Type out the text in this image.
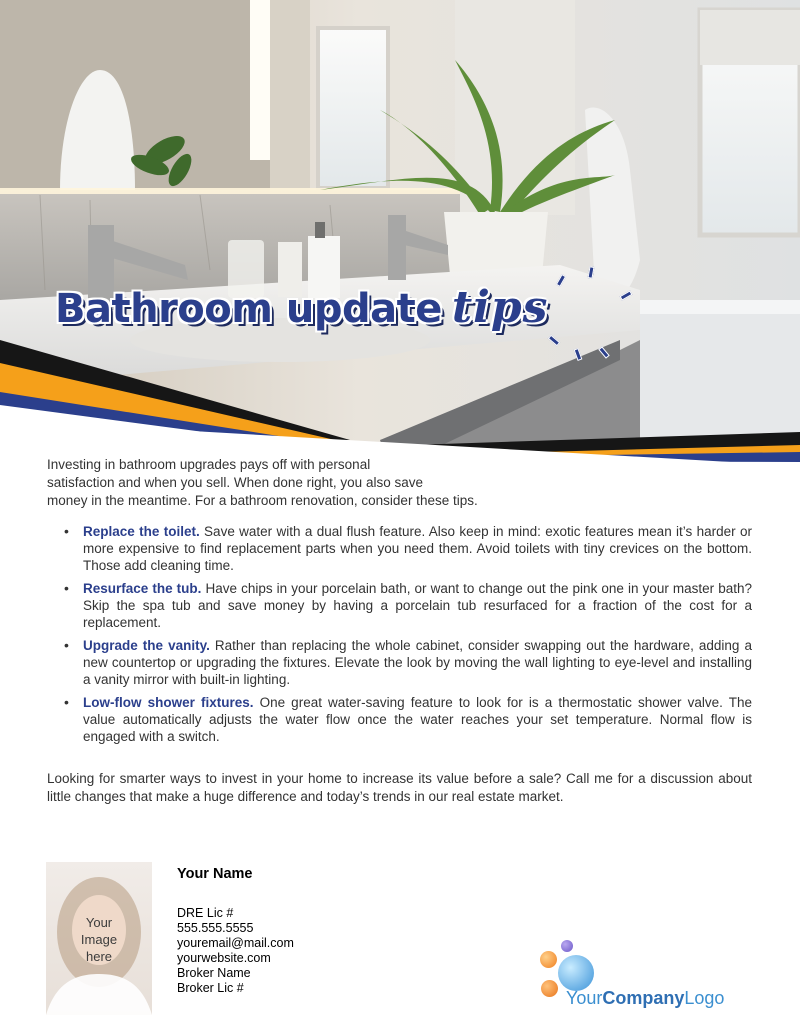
Bathroom update tips
Investing in bathroom upgrades pays off with personal
satisfaction and when you sell. When done right, you also save
money in the meantime. For a bathroom renovation, consider these tips.
• Replace the toilet. Save water with a dual flush feature. Also keep in mind: exotic features mean it’s harder or more expensive to find replacement parts when you need them. Avoid toilets with tiny crevices on the bottom. Those add cleaning time.
• Resurface the tub. Have chips in your porcelain bath, or want to change out the pink one in your master bath? Skip the spa tub and save money by having a porcelain tub resurfaced for a fraction of the cost for a replacement.
• Upgrade the vanity. Rather than replacing the whole cabinet, consider swapping out the hardware, adding a new countertop or upgrading the fixtures. Elevate the look by moving the wall lighting to eye-level and installing a vanity mirror with built-in lighting.
• Low-flow shower fixtures. One great water-saving feature to look for is a thermostatic shower valve. The value automatically adjusts the water flow once the water reaches your set temperature. Normal flow is engaged with a switch.
Looking for smarter ways to invest in your home to increase its value before a sale? Call me for a discussion about little changes that make a huge difference and today’s trends in our real estate market.
Your
Image
here
Your Name
DRE Lic #
555.555.5555
youremail@mail.com
yourwebsite.com
Broker Name
Broker Lic #	YourCompanyLogo
